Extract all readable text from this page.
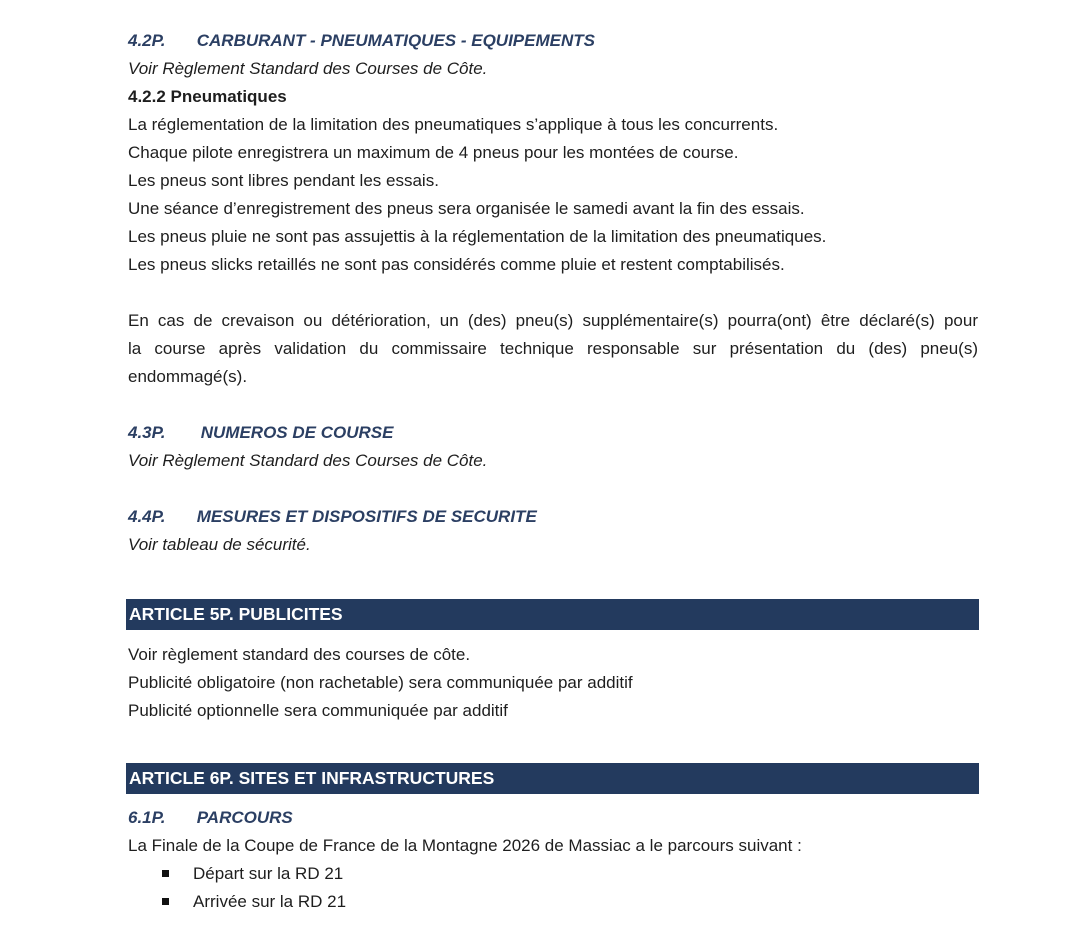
4.2P. CARBURANT - PNEUMATIQUES - EQUIPEMENTS
Voir Règlement Standard des Courses de Côte.
4.2.2 Pneumatiques
La réglementation de la limitation des pneumatiques s’applique à tous les concurrents.
Chaque pilote enregistrera un maximum de 4 pneus pour les montées de course.
Les pneus sont libres pendant les essais.
Une séance d’enregistrement des pneus sera organisée le samedi avant la fin des essais.
Les pneus pluie ne sont pas assujettis à la réglementation de la limitation des pneumatiques.
Les pneus slicks retaillés ne sont pas considérés comme pluie et restent comptabilisés.
En cas de crevaison ou détérioration, un (des) pneu(s) supplémentaire(s) pourra(ont) être déclaré(s) pour
la course après validation du commissaire technique responsable sur présentation du (des) pneu(s)
endommagé(s).
4.3P. NUMEROS DE COURSE
Voir Règlement Standard des Courses de Côte.
4.4P. MESURES ET DISPOSITIFS DE SECURITE
Voir tableau de sécurité.
ARTICLE 5P. PUBLICITES
Voir règlement standard des courses de côte.
Publicité obligatoire (non rachetable) sera communiquée par additif
Publicité optionnelle sera communiquée par additif
ARTICLE 6P. SITES ET INFRASTRUCTURES
6.1P. PARCOURS
La Finale de la Coupe de France de la Montagne 2026 de Massiac a le parcours suivant :
Départ sur la RD 21
Arrivée sur la RD 21
